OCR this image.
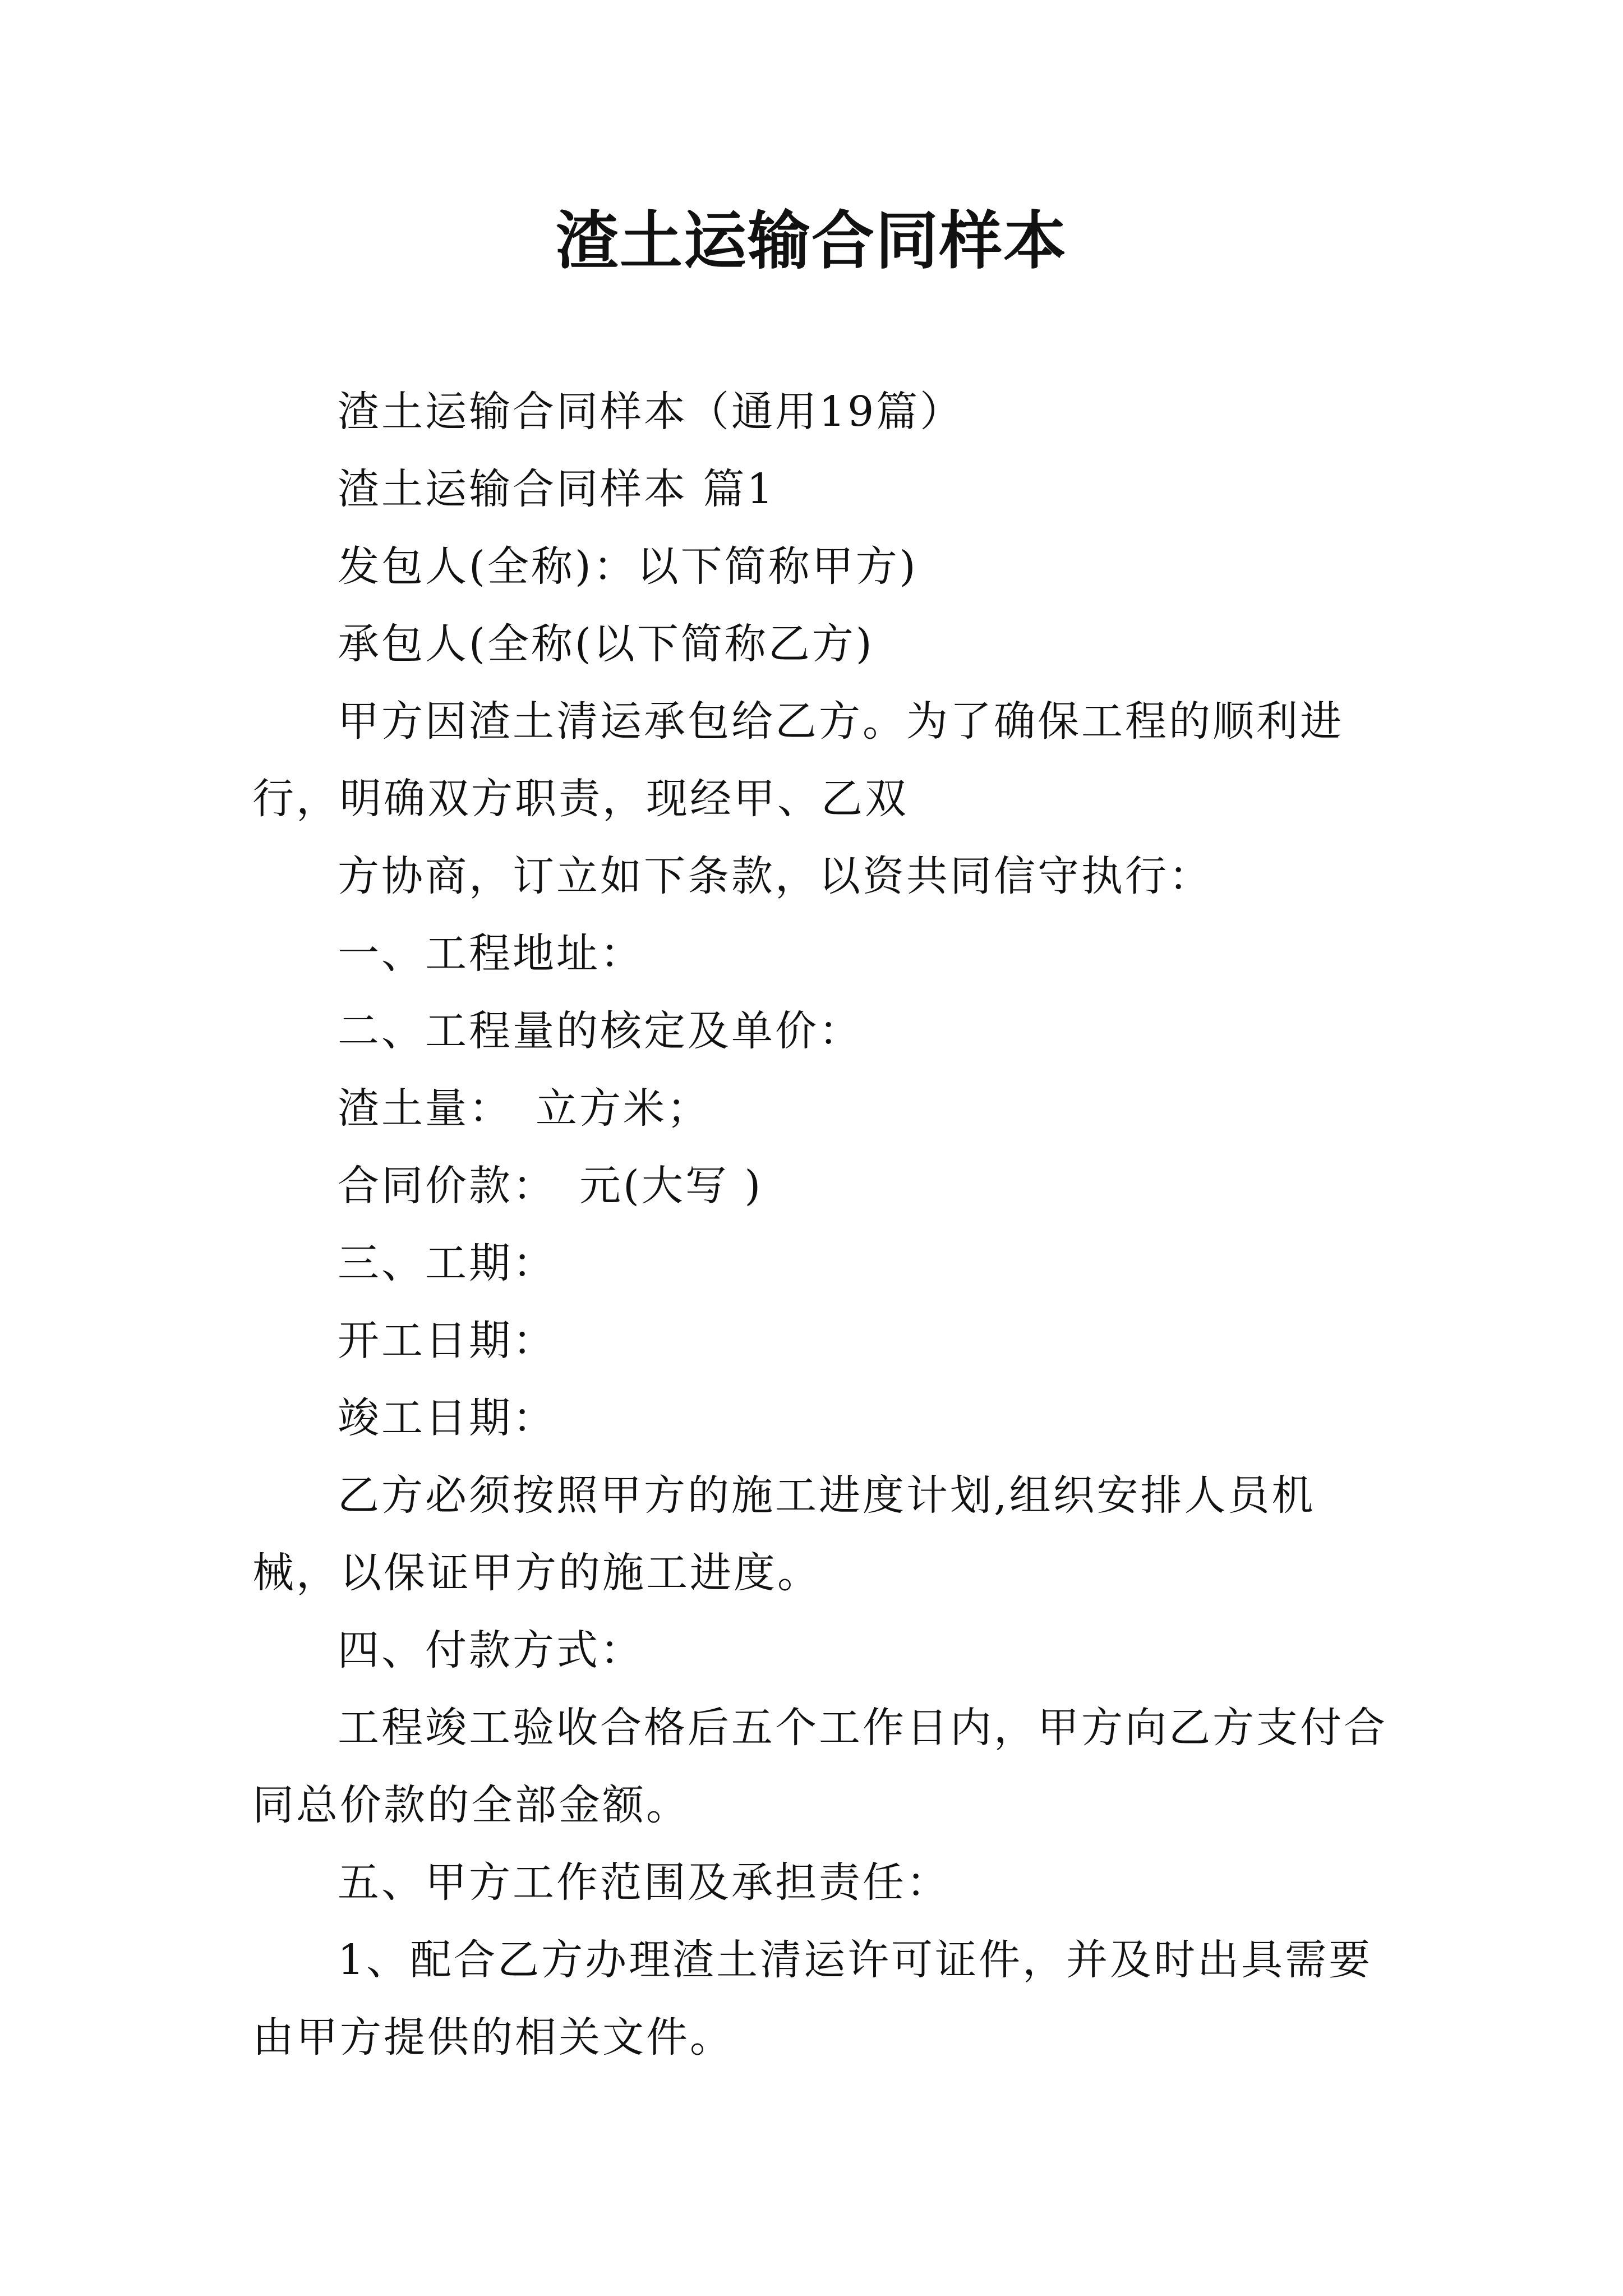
渣土运输合同样本

渣土运输合同样本（通用19篇）

渣土运输合同样本 篇1

发包人(全称)：以下简称甲方)

承包人(全称(以下简称乙方)

甲方因渣土清运承包给乙方。为了确保工程的顺利进行，明确双方职责，现经甲、乙双

方协商，订立如下条款，以资共同信守执行：

一、工程地址：

二、工程量的核定及单价：

渣土量：　立方米；

合同价款：　元(大写 )

三、工期：

开工日期：

竣工日期：

乙方必须按照甲方的施工进度计划,组织安排人员机械，以保证甲方的施工进度。

四、付款方式：

工程竣工验收合格后五个工作日内，甲方向乙方支付合同总价款的全部金额。

五、甲方工作范围及承担责任：

1、配合乙方办理渣土清运许可证件，并及时出具需要由甲方提供的相关文件。
